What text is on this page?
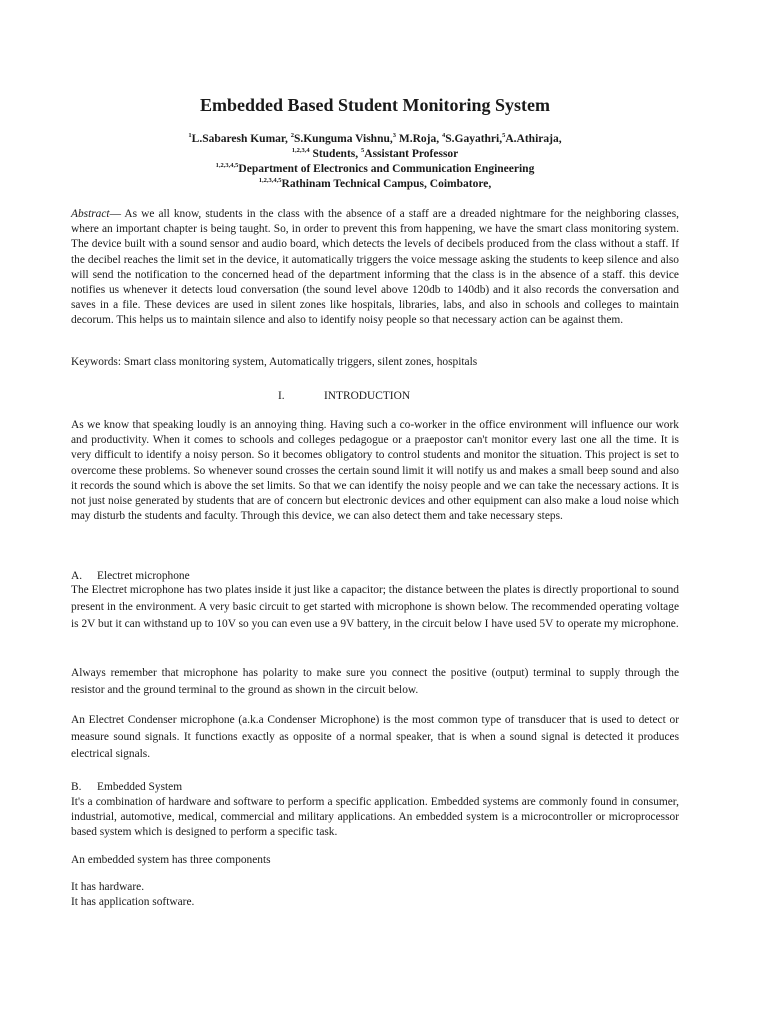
Embedded Based Student Monitoring System
$^1$L.Sabaresh Kumar, $^2$S.Kunguma Vishnu,$^3$ M.Roja, $^4$S.Gayathri,$^5$A.Athiraja,
$^{1,2,3,4}$ Students, $^5$Assistant Professor
$^{1,2,3,4,5}$Department of Electronics and Communication Engineering
$^{1,2,3,4,5}$Rathinam Technical Campus, Coimbatore,
Abstract— As we all know, students in the class with the absence of a staff are a dreaded nightmare for the neighboring classes, where an important chapter is being taught. So, in order to prevent this from happening, we have the smart class monitoring system. The device built with a sound sensor and audio board, which detects the levels of decibels produced from the class without a staff. If the decibel reaches the limit set in the device, it automatically triggers the voice message asking the students to keep silence and also will send the notification to the concerned head of the department informing that the class is in the absence of a staff. this device notifies us whenever it detects loud conversation (the sound level above 120db to 140db) and it also records the conversation and saves in a file. These devices are used in silent zones like hospitals, libraries, labs, and also in schools and colleges to maintain decorum. This helps us to maintain silence and also to identify noisy people so that necessary action can be against them.
Keywords: Smart class monitoring system, Automatically triggers, silent zones, hospitals
I.	INTRODUCTION
As we know that speaking loudly is an annoying thing. Having such a co-worker in the office environment will influence our work and productivity. When it comes to schools and colleges pedagogue or a praepostor can't monitor every last one all the time. It is very difficult to identify a noisy person. So it becomes obligatory to control students and monitor the situation. This project is set to overcome these problems. So whenever sound crosses the certain sound limit it will notify us and makes a small beep sound and also it records the sound which is above the set limits. So that we can identify the noisy people and we can take the necessary actions. It is not just noise generated by students that are of concern but electronic devices and other equipment can also make a loud noise which may disturb the students and faculty. Through this device, we can also detect them and take necessary steps.
A. Electret microphone
The Electret microphone has two plates inside it just like a capacitor; the distance between the plates is directly proportional to sound present in the environment. A very basic circuit to get started with microphone is shown below. The recommended operating voltage is 2V but it can withstand up to 10V so you can even use a 9V battery, in the circuit below I have used 5V to operate my microphone.
Always remember that microphone has polarity to make sure you connect the positive (output) terminal to supply through the resistor and the ground terminal to the ground as shown in the circuit below.
An Electret Condenser microphone (a.k.a Condenser Microphone) is the most common type of transducer that is used to detect or measure sound signals. It functions exactly as opposite of a normal speaker, that is when a sound signal is detected it produces electrical signals.
B. Embedded System
It's a combination of hardware and software to perform a specific application. Embedded systems are commonly found in consumer, industrial, automotive, medical, commercial and military applications. An embedded system is a microcontroller or microprocessor based system which is designed to perform a specific task.
An embedded system has three components
It has hardware.
It has application software.
